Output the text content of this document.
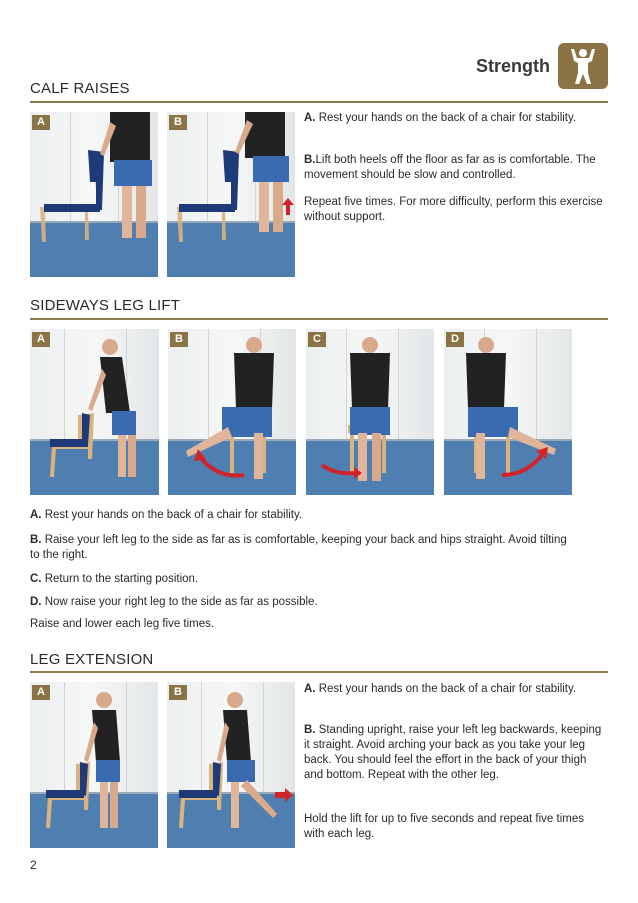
Strength
CALF RAISES
A	B	A. Rest your hands on the back of a chair for stability.

B.Lift both heels off the floor as far as is comfortable. The movement should be slow and controlled.

Repeat five times. For more difficulty, perform this exercise without support.

SIDEWAYS LEG LIFT
A	B	C	D

A. Rest your hands on the back of a chair for stability.

B. Raise your left leg to the side as far as is comfortable, keeping your back and hips straight. Avoid tilting to the right.

C. Return to the starting position.

D. Now raise your right leg to the side as far as possible.

Raise and lower each leg five times.

LEG EXTENSION
A	B	A. Rest your hands on the back of a chair for stability.

B. Standing upright, raise your left leg backwards, keeping it straight. Avoid arching your back as you take your leg back. You should feel the effort in the back of your thigh and bottom. Repeat with the other leg.

Hold the lift for up to five seconds and repeat five times with each leg.

2
